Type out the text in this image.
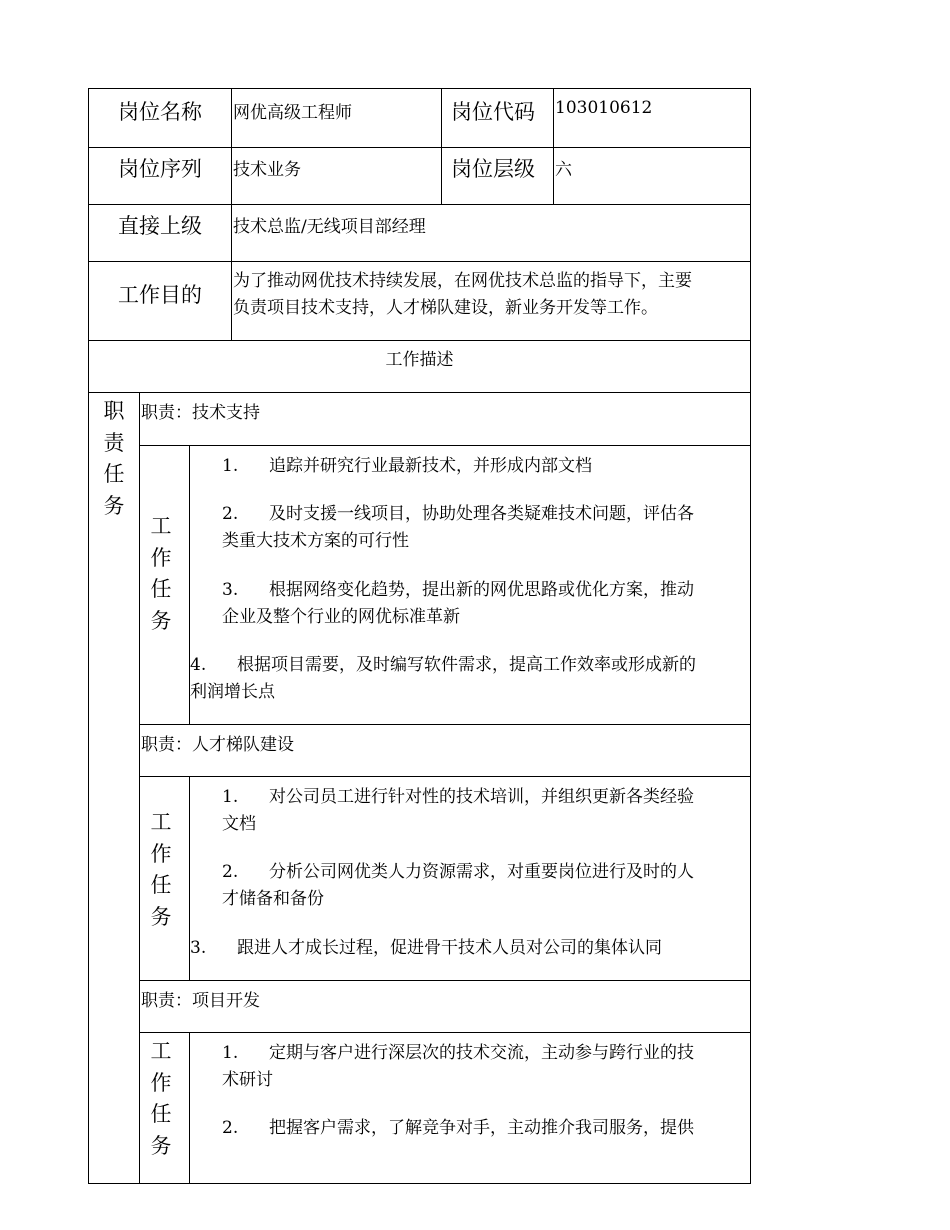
岗位名称 网优高级工程师	岗位代码 103010612
岗位序列 技术业务	岗位层级 六
直接上级 技术总监/无线项目部经理
工作目的
为了推动网优技术持续发展，在网优技术总监的指导下，主要
负责项目技术支持，人才梯队建设，新业务开发等工作。
工作描述
职
责
任
务
职责：技术支持
工
作
任
务
1. 追踪并研究行业最新技术，并形成内部文档
2. 及时支援一线项目，协助处理各类疑难技术问题，评估各
类重大技术方案的可行性
3. 根据网络变化趋势，提出新的网优思路或优化方案，推动
企业及整个行业的网优标准革新
4. 根据项目需要，及时编写软件需求，提高工作效率或形成新的
利润增长点
职责：人才梯队建设
工
作
任
务
1. 对公司员工进行针对性的技术培训，并组织更新各类经验
文档
2. 分析公司网优类人力资源需求，对重要岗位进行及时的人
才储备和备份
3. 跟进人才成长过程，促进骨干技术人员对公司的集体认同
职责：项目开发
工
作
任
务
1. 定期与客户进行深层次的技术交流，主动参与跨行业的技
术研讨
2. 把握客户需求，了解竞争对手，主动推介我司服务，提供
